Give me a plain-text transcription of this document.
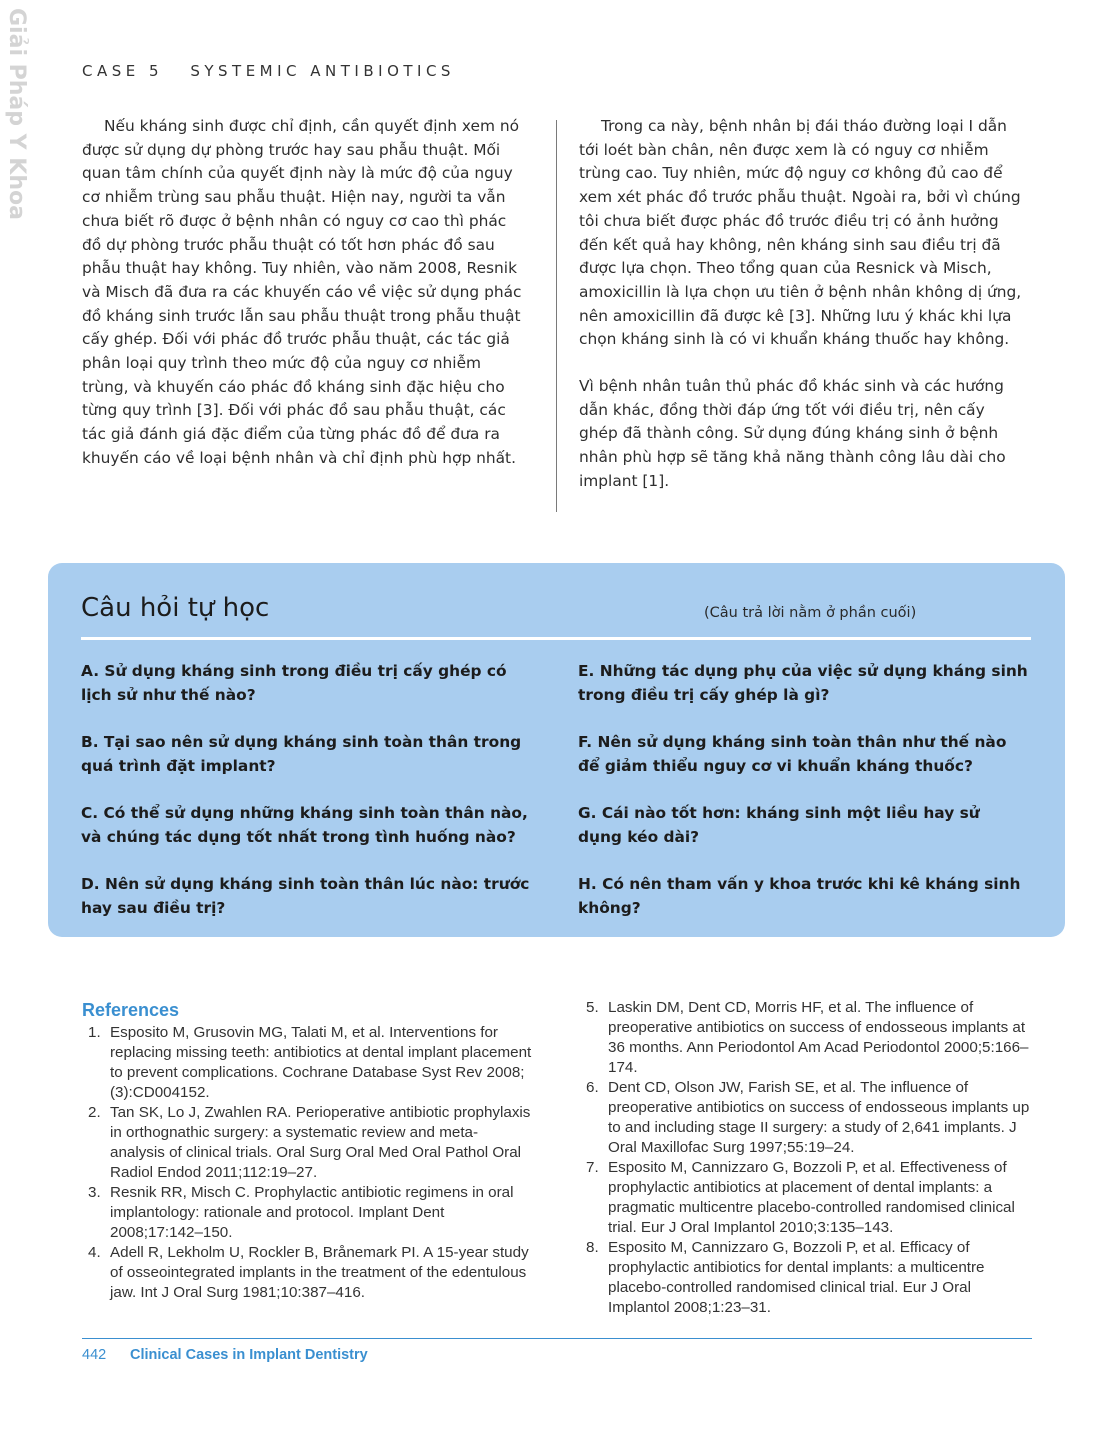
Giải Pháp Y Khoa	CASE 5 SYSTEMIC ANTIBIOTICS

Nếu kháng sinh được chỉ định, cần quyết định xem nó được sử dụng dự phòng trước hay sau phẫu thuật. Mối quan tâm chính của quyết định này là mức độ của nguy cơ nhiễm trùng sau phẫu thuật. Hiện nay, người ta vẫn chưa biết rõ được ở bệnh nhân có nguy cơ cao thì phác đồ dự phòng trước phẫu thuật có tốt hơn phác đồ sau phẫu thuật hay không. Tuy nhiên, vào năm 2008, Resnik và Misch đã đưa ra các khuyến cáo về việc sử dụng phác đồ kháng sinh trước lẫn sau phẫu thuật trong phẫu thuật cấy ghép. Đối với phác đồ trước phẫu thuật, các tác giả phân loại quy trình theo mức độ của nguy cơ nhiễm trùng, và khuyến cáo phác đồ kháng sinh đặc hiệu cho từng quy trình [3]. Đối với phác đồ sau phẫu thuật, các tác giả đánh giá đặc điểm của từng phác đồ để đưa ra khuyến cáo về loại bệnh nhân và chỉ định phù hợp nhất.

Trong ca này, bệnh nhân bị đái tháo đường loại I dẫn tới loét bàn chân, nên được xem là có nguy cơ nhiễm trùng cao. Tuy nhiên, mức độ nguy cơ không đủ cao để xem xét phác đồ trước phẫu thuật. Ngoài ra, bởi vì chúng tôi chưa biết được phác đồ trước điều trị có ảnh hưởng đến kết quả hay không, nên kháng sinh sau điều trị đã được lựa chọn. Theo tổng quan của Resnick và Misch, amoxicillin là lựa chọn ưu tiên ở bệnh nhân không dị ứng, nên amoxicillin đã được kê [3]. Những lưu ý khác khi lựa chọn kháng sinh là có vi khuẩn kháng thuốc hay không.

Vì bệnh nhân tuân thủ phác đồ khác sinh và các hướng dẫn khác, đồng thời đáp ứng tốt với điều trị, nên cấy ghép đã thành công. Sử dụng đúng kháng sinh ở bệnh nhân phù hợp sẽ tăng khả năng thành công lâu dài cho implant [1].

Câu hỏi tự học	(Câu trả lời nằm ở phần cuối)
A. Sử dụng kháng sinh trong điều trị cấy ghép có lịch sử như thế nào?
B. Tại sao nên sử dụng kháng sinh toàn thân trong quá trình đặt implant?
C. Có thể sử dụng những kháng sinh toàn thân nào, và chúng tác dụng tốt nhất trong tình huống nào?
D. Nên sử dụng kháng sinh toàn thân lúc nào: trước hay sau điều trị?
E. Những tác dụng phụ của việc sử dụng kháng sinh trong điều trị cấy ghép là gì?
F. Nên sử dụng kháng sinh toàn thân như thế nào để giảm thiểu nguy cơ vi khuẩn kháng thuốc?
G. Cái nào tốt hơn: kháng sinh một liều hay sử dụng kéo dài?
H. Có nên tham vấn y khoa trước khi kê kháng sinh không?
References
1. Esposito M, Grusovin MG, Talati M, et al. Interventions for replacing missing teeth: antibiotics at dental implant placement to prevent complications. Cochrane Database Syst Rev 2008;(3):CD004152.
2. Tan SK, Lo J, Zwahlen RA. Perioperative antibiotic prophylaxis in orthognathic surgery: a systematic review and meta-analysis of clinical trials. Oral Surg Oral Med Oral Pathol Oral Radiol Endod 2011;112:19–27.
3. Resnik RR, Misch C. Prophylactic antibiotic regimens in oral implantology: rationale and protocol. Implant Dent 2008;17:142–150.
4. Adell R, Lekholm U, Rockler B, Brånemark PI. A 15-year study of osseointegrated implants in the treatment of the edentulous jaw. Int J Oral Surg 1981;10:387–416.
5. Laskin DM, Dent CD, Morris HF, et al. The influence of preoperative antibiotics on success of endosseous implants at 36 months. Ann Periodontol Am Acad Periodontol 2000;5:166–174.
6. Dent CD, Olson JW, Farish SE, et al. The influence of preoperative antibiotics on success of endosseous implants up to and including stage II surgery: a study of 2,641 implants. J Oral Maxillofac Surg 1997;55:19–24.
7. Esposito M, Cannizzaro G, Bozzoli P, et al. Effectiveness of prophylactic antibiotics at placement of dental implants: a pragmatic multicentre placebo-controlled randomised clinical trial. Eur J Oral Implantol 2010;3:135–143.
8. Esposito M, Cannizzaro G, Bozzoli P, et al. Efficacy of prophylactic antibiotics for dental implants: a multicentre placebo-controlled randomised clinical trial. Eur J Oral Implantol 2008;1:23–31.
442 Clinical Cases in Implant Dentistry
